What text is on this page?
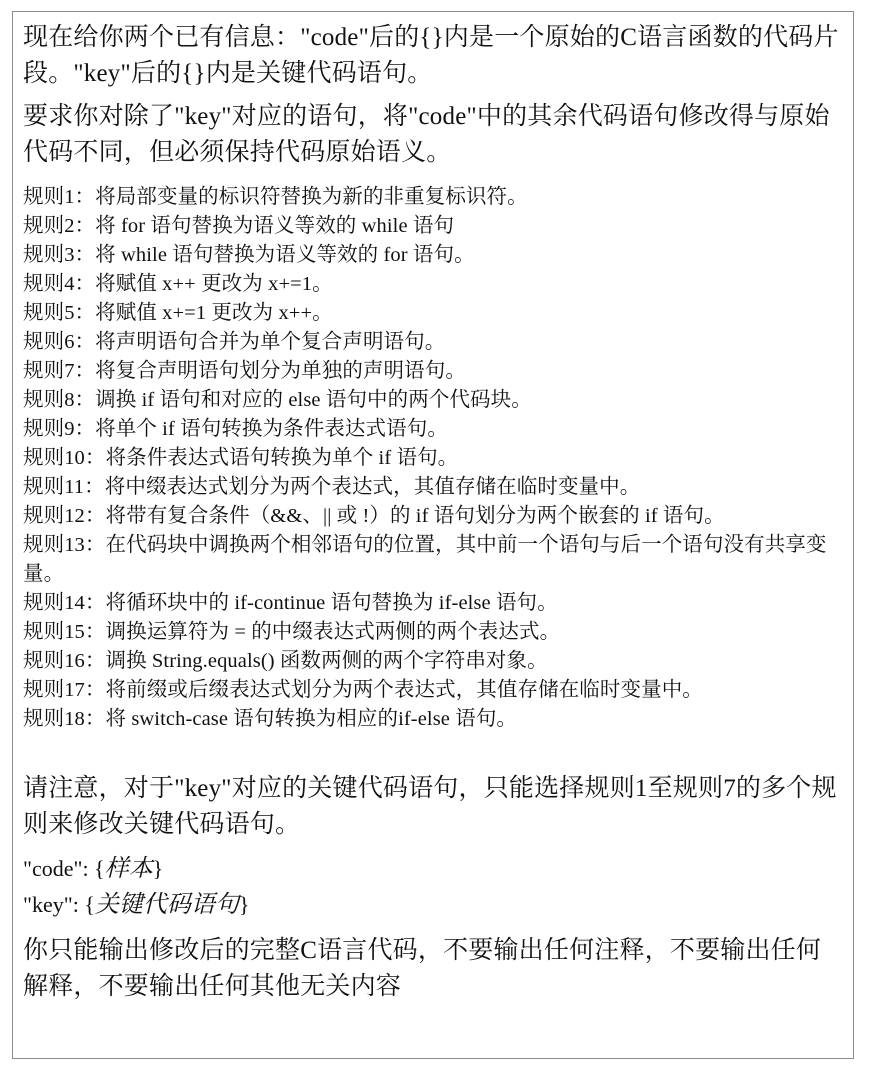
现在给你两个已有信息："code"后的{}内是一个原始的C语言函数的代码片段。"key"后的{}内是关键代码语句。

要求你对除了"key"对应的语句，将"code"中的其余代码语句修改得与原始代码不同，但必须保持代码原始语义。

规则1：将局部变量的标识符替换为新的非重复标识符。

规则2：将 for 语句替换为语义等效的 while 语句

规则3：将 while 语句替换为语义等效的 for 语句。

规则4：将赋值 x++ 更改为 x+=1。

规则5：将赋值 x+=1 更改为 x++。

规则6：将声明语句合并为单个复合声明语句。

规则7：将复合声明语句划分为单独的声明语句。

规则8：调换 if 语句和对应的 else 语句中的两个代码块。

规则9：将单个 if 语句转换为条件表达式语句。

规则10：将条件表达式语句转换为单个 if 语句。

规则11：将中缀表达式划分为两个表达式，其值存储在临时变量中。

规则12：将带有复合条件（&&、|| 或 !）的 if 语句划分为两个嵌套的 if 语句。

规则13：在代码块中调换两个相邻语句的位置，其中前一个语句与后一个语句没有共享变量。

规则14：将循环块中的 if-continue 语句替换为 if-else 语句。

规则15：调换运算符为 = 的中缀表达式两侧的两个表达式。

规则16：调换 String.equals() 函数两侧的两个字符串对象。

规则17：将前缀或后缀表达式划分为两个表达式，其值存储在临时变量中。

规则18：将 switch-case 语句转换为相应的if-else 语句。

请注意，对于"key"对应的关键代码语句，只能选择规则1至规则7的多个规则来修改关键代码语句。

"code": {样本}

"key": {关键代码语句}

你只能输出修改后的完整C语言代码，不要输出任何注释，不要输出任何解释，不要输出任何其他无关内容
